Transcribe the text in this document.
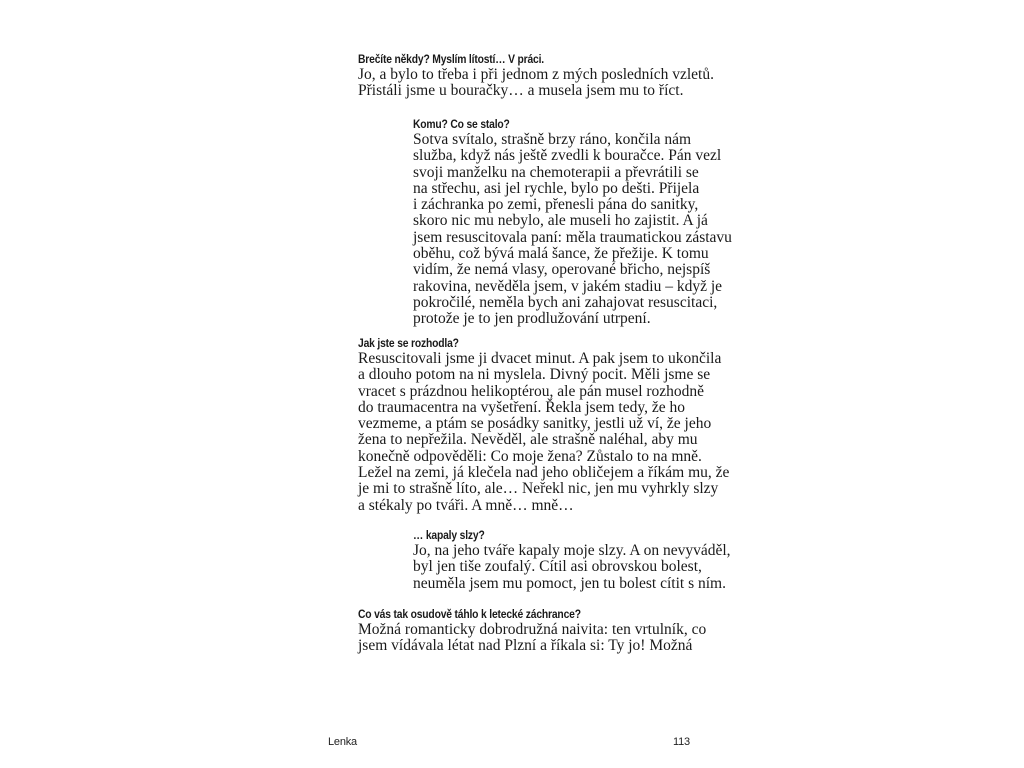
Brečíte někdy? Myslím lítostí… V práci.

Jo, a bylo to třeba i při jednom z mých posledních vzletů.
Přistáli jsme u bouračky… a musela jsem mu to říct.

Komu? Co se stalo?

Sotva svítalo, strašně brzy ráno, končila nám
služba, když nás ještě zvedli k bouračce. Pán vezl
svoji manželku na chemoterapii a převrátili se
na střechu, asi jel rychle, bylo po dešti. Přijela
i záchranka po zemi, přenesli pána do sanitky,
skoro nic mu nebylo, ale museli ho zajistit. A já
jsem resuscitovala paní: měla traumatickou zástavu
oběhu, což bývá malá šance, že přežije. K tomu
vidím, že nemá vlasy, operované břicho, nejspíš
rakovina, nevěděla jsem, v jakém stadiu – když je
pokročilé, neměla bych ani zahajovat resuscitaci,
protože je to jen prodlužování utrpení.

Jak jste se rozhodla?

Resuscitovali jsme ji dvacet minut. A pak jsem to ukončila
a dlouho potom na ni myslela. Divný pocit. Měli jsme se
vracet s prázdnou helikoptérou, ale pán musel rozhodně
do traumacentra na vyšetření. Řekla jsem tedy, že ho
vezmeme, a ptám se posádky sanitky, jestli už ví, že jeho
žena to nepřežila. Nevěděl, ale strašně naléhal, aby mu
konečně odpověděli: Co moje žena? Zůstalo to na mně.
Ležel na zemi, já klečela nad jeho obličejem a říkám mu, že
je mi to strašně líto, ale… Neřekl nic, jen mu vyhrkly slzy
a stékaly po tváři. A mně… mně…

… kapaly slzy?

Jo, na jeho tváře kapaly moje slzy. A on nevyváděl,
byl jen tiše zoufalý. Cítil asi obrovskou bolest,
neuměla jsem mu pomoct, jen tu bolest cítit s ním.

Co vás tak osudově táhlo k letecké záchrance?

Možná romanticky dobrodružná naivita: ten vrtulník, co
jsem vídávala létat nad Plzní a říkala si: Ty jo! Možná

Lenka	113
